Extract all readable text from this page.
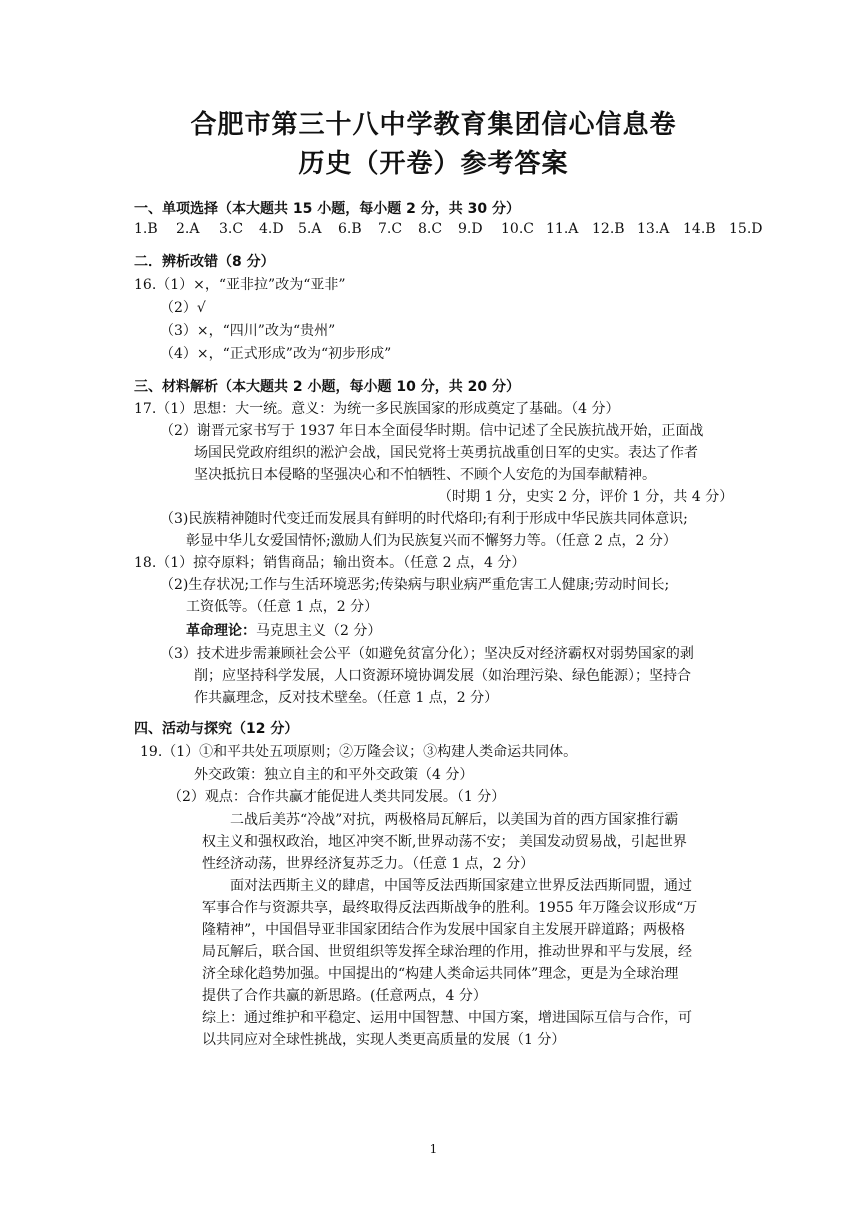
合肥市第三十八中学教育集团信心信息卷
历史（开卷）参考答案
一、单项选择（本大题共 15 小题，每小题 2 分，共 30 分）
1.B	2.A	3.C	4.D	5.A	6.B	7.C	8.C	9.D	10.C 11.A 12.B 13.A 14.B 15.D
二．辨析改错（8 分）
16.（1）×，“亚非拉”改为“亚非”
（2）√
（3）×，“四川”改为“贵州”
（4）×，“正式形成”改为“初步形成”
三、材料解析（本大题共 2 小题，每小题 10 分，共 20 分）
17.（1）思想：大一统。意义：为统一多民族国家的形成奠定了基础。（4 分）
（2）谢晋元家书写于 1937 年日本全面侵华时期。信中记述了全民族抗战开始，正面战
场国民党政府组织的淞沪会战，国民党将士英勇抗战重创日军的史实。表达了作者
坚决抵抗日本侵略的坚强决心和不怕牺牲、不顾个人安危的为国奉献精神。
（时期 1 分，史实 2 分，评价 1 分，共 4 分）
（3)民族精神随时代变迁而发展具有鲜明的时代烙印;有利于形成中华民族共同体意识;
彰显中华儿女爱国情怀;激励人们为民族复兴而不懈努力等。（任意 2 点，2 分）
18.（1）掠夺原料；销售商品；输出资本。（任意 2 点，4 分）
（2)生存状况;工作与生活环境恶劣;传染病与职业病严重危害工人健康;劳动时间长;
工资低等。（任意 1 点，2 分）
革命理论：马克思主义（2 分）
（3）技术进步需兼顾社会公平（如避免贫富分化）；坚决反对经济霸权对弱势国家的剥
削；应坚持科学发展，人口资源环境协调发展（如治理污染、绿色能源）；坚持合
作共赢理念，反对技术壁垒。（任意 1 点，2 分）
四、活动与探究（12 分）
19.（1）①和平共处五项原则；②万隆会议；③构建人类命运共同体。
外交政策：独立自主的和平外交政策（4 分）
（2）观点：合作共赢才能促进人类共同发展。（1 分）
二战后美苏“冷战”对抗，两极格局瓦解后，以美国为首的西方国家推行霸
权主义和强权政治，地区冲突不断,世界动荡不安； 美国发动贸易战，引起世界
性经济动荡，世界经济复苏乏力。（任意 1 点，2 分）
面对法西斯主义的肆虐，中国等反法西斯国家建立世界反法西斯同盟，通过
军事合作与资源共享，最终取得反法西斯战争的胜利。1955 年万隆会议形成“万
隆精神”，中国倡导亚非国家团结合作为发展中国家自主发展开辟道路；两极格
局瓦解后，联合国、世贸组织等发挥全球治理的作用，推动世界和平与发展，经
济全球化趋势加强。中国提出的“构建人类命运共同体”理念，更是为全球治理
提供了合作共赢的新思路。(任意两点，4 分）
综上：通过维护和平稳定、运用中国智慧、中国方案，增进国际互信与合作，可
以共同应对全球性挑战，实现人类更高质量的发展（1 分）
1
